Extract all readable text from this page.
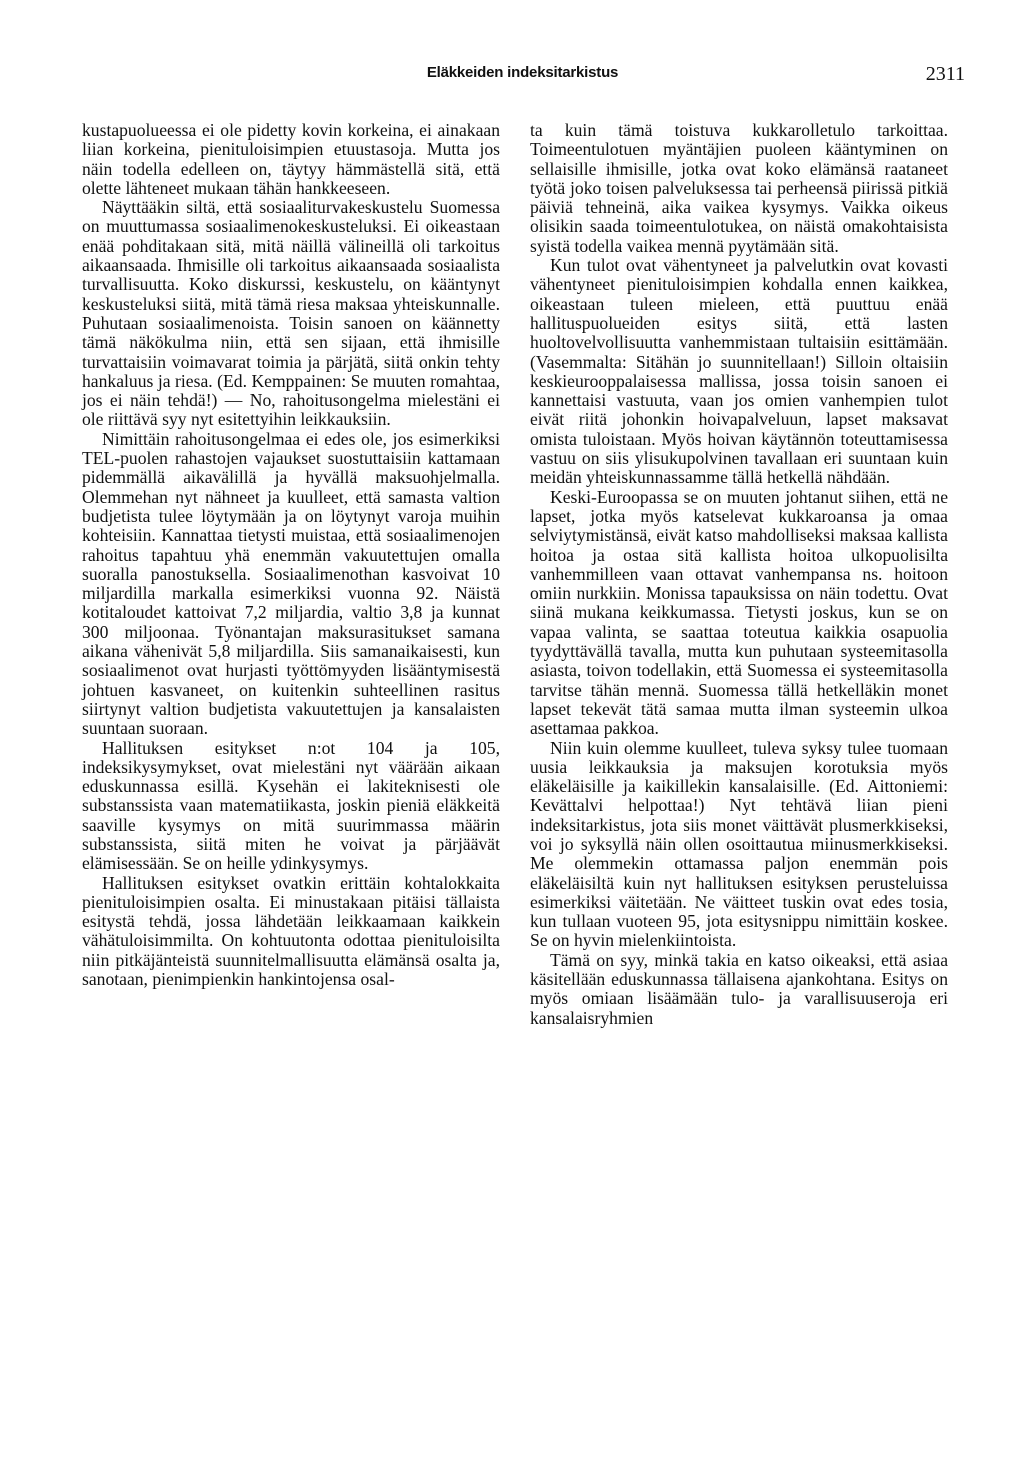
Eläkkeiden indeksitarkistus	2311

kustapuolueessa ei ole pidetty kovin korkeina, ei ainakaan liian korkeina, pienituloisimpien etuustasoja. Mutta jos näin todella edelleen on, täytyy hämmästellä sitä, että olette lähteneet mukaan tähän hankkeeseen.

Näyttääkin siltä, että sosiaaliturvakeskustelu Suomessa on muuttumassa sosiaalimenokeskusteluksi. Ei oikeastaan enää pohditakaan sitä, mitä näillä välineillä oli tarkoitus aikaansaada. Ihmisille oli tarkoitus aikaansaada sosiaalista turvallisuutta. Koko diskurssi, keskustelu, on kääntynyt keskusteluksi siitä, mitä tämä riesa maksaa yhteiskunnalle. Puhutaan sosiaalimenoista. Toisin sanoen on käännetty tämä näkökulma niin, että sen sijaan, että ihmisille turvattaisiin voimavarat toimia ja pärjätä, siitä onkin tehty hankaluus ja riesa. (Ed. Kemppainen: Se muuten romahtaa, jos ei näin tehdä!) — No, rahoitusongelma mielestäni ei ole riittävä syy nyt esitettyihin leikkauksiin.

Nimittäin rahoitusongelmaa ei edes ole, jos esimerkiksi TEL-puolen rahastojen vajaukset suostuttaisiin kattamaan pidemmällä aikavälillä ja hyvällä maksuohjelmalla. Olemmehan nyt nähneet ja kuulleet, että samasta valtion budjetista tulee löytymään ja on löytynyt varoja muihin kohteisiin. Kannattaa tietysti muistaa, että sosiaalimenojen rahoitus tapahtuu yhä enemmän vakuutettujen omalla suoralla panostuksella. Sosiaalimenothan kasvoivat 10 miljardilla markalla esimerkiksi vuonna 92. Näistä kotitaloudet kattoivat 7,2 miljardia, valtio 3,8 ja kunnat 300 miljoonaa. Työnantajan maksurasitukset samana aikana vähenivät 5,8 miljardilla. Siis samanaikaisesti, kun sosiaalimenot ovat hurjasti työttömyyden lisääntymisestä johtuen kasvaneet, on kuitenkin suhteellinen rasitus siirtynyt valtion budjetista vakuutettujen ja kansalaisten suuntaan suoraan.

Hallituksen esitykset n:ot 104 ja 105, indeksikysymykset, ovat mielestäni nyt väärään aikaan eduskunnassa esillä. Kysehän ei lakiteknisesti ole substanssista vaan matematiikasta, joskin pieniä eläkkeitä saaville kysymys on mitä suurimmassa määrin substanssista, siitä miten he voivat ja pärjäävät elämisessään. Se on heille ydinkysymys.

Hallituksen esitykset ovatkin erittäin kohtalokkaita pienituloisimpien osalta. Ei minustakaan pitäisi tällaista esitystä tehdä, jossa lähdetään leikkaamaan kaikkein vähätuloisimmilta. On kohtuutonta odottaa pienituloisilta niin pitkäjänteistä suunnitelmallisuutta elämänsä osalta ja, sanotaan, pienimpienkin hankintojensa osal-

ta kuin tämä toistuva kukkarolletulo tarkoittaa. Toimeentulotuen myäntäjien puoleen kääntyminen on sellaisille ihmisille, jotka ovat koko elämänsä raataneet työtä joko toisen palveluksessa tai perheensä piirissä pitkiä päiviä tehneinä, aika vaikea kysymys. Vaikka oikeus olisikin saada toimeentulotukea, on näistä omakohtaisista syistä todella vaikea mennä pyytämään sitä.

Kun tulot ovat vähentyneet ja palvelutkin ovat kovasti vähentyneet pienituloisimpien kohdalla ennen kaikkea, oikeastaan tuleen mieleen, että puuttuu enää hallituspuolueiden esitys siitä, että lasten huoltovelvollisuutta vanhemmistaan tultaisiin esittämään. (Vasemmalta: Sitähän jo suunnitellaan!) Silloin oltaisiin keskieurooppalaisessa mallissa, jossa toisin sanoen ei kannettaisi vastuuta, vaan jos omien vanhempien tulot eivät riitä johonkin hoivapalveluun, lapset maksavat omista tuloistaan. Myös hoivan käytännön toteuttamisessa vastuu on siis ylisukupolvinen tavallaan eri suuntaan kuin meidän yhteiskunnassamme tällä hetkellä nähdään.

Keski-Euroopassa se on muuten johtanut siihen, että ne lapset, jotka myös katselevat kukkaroansa ja omaa selviytymistänsä, eivät katso mahdolliseksi maksaa kallista hoitoa ja ostaa sitä kallista hoitoa ulkopuolisilta vanhemmilleen vaan ottavat vanhempansa ns. hoitoon omiin nurkkiin. Monissa tapauksissa on näin todettu. Ovat siinä mukana keikkumassa. Tietysti joskus, kun se on vapaa valinta, se saattaa toteutua kaikkia osapuolia tyydyttävällä tavalla, mutta kun puhutaan systeemitasolla asiasta, toivon todellakin, että Suomessa ei systeemitasolla tarvitse tähän mennä. Suomessa tällä hetkelläkin monet lapset tekevät tätä samaa mutta ilman systeemin ulkoa asettamaa pakkoa.

Niin kuin olemme kuulleet, tuleva syksy tulee tuomaan uusia leikkauksia ja maksujen korotuksia myös eläkeläisille ja kaikillekin kansalaisille. (Ed. Aittoniemi: Kevättalvi helpottaa!) Nyt tehtävä liian pieni indeksitarkistus, jota siis monet väittävät plusmerkkiseksi, voi jo syksyllä näin ollen osoittautua miinusmerkkiseksi. Me olemmekin ottamassa paljon enemmän pois eläkeläisiltä kuin nyt hallituksen esityksen perusteluissa esimerkiksi väitetään. Ne väitteet tuskin ovat edes tosia, kun tullaan vuoteen 95, jota esitysnippu nimittäin koskee. Se on hyvin mielenkiintoista.

Tämä on syy, minkä takia en katso oikeaksi, että asiaa käsitellään eduskunnassa tällaisena ajankohtana. Esitys on myös omiaan lisäämään tulo- ja varallisuuseroja eri kansalaisryhmien
